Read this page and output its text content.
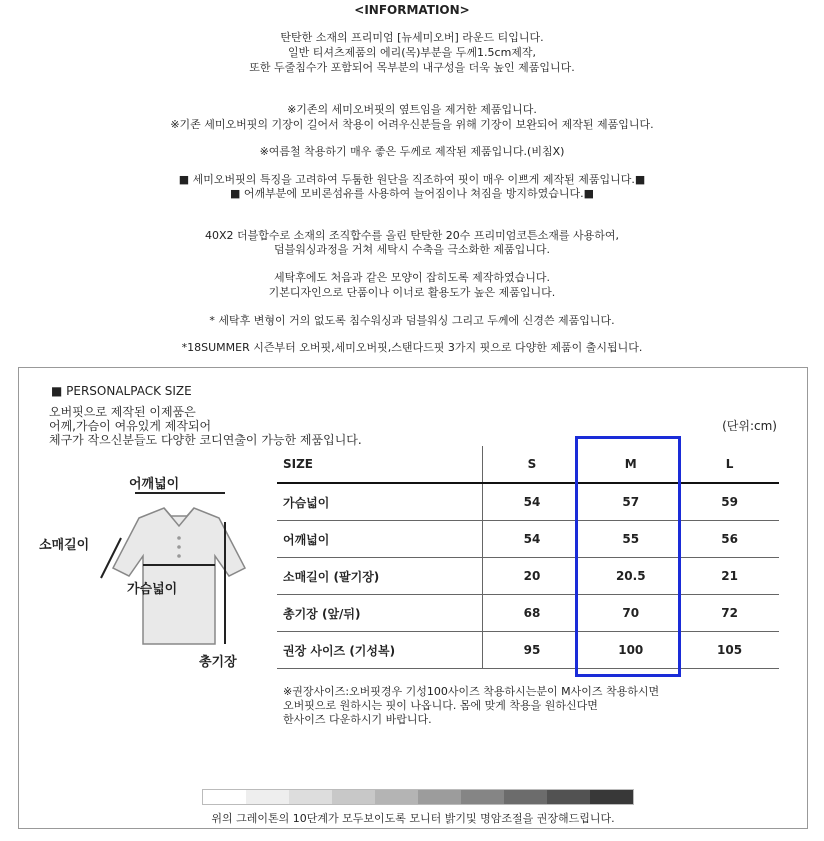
<INFORMATION>
탄탄한 소재의 프리미엄 [뉴세미오버] 라운드 티입니다.
일반 티셔츠제품의 에리(목)부분을 두께1.5cm제작,
또한 두줄침수가 포함되어 목부분의 내구성을 더욱 높인 제품입니다.
※기존의 세미오버핏의 옆트임을 제거한 제품입니다.
※기존 세미오버핏의 기장이 길어서 착용이 어려우신분들을 위해 기장이 보완되어 제작된 제품입니다.
※여름철 착용하기 매우 좋은 두께로 제작된 제품입니다.(비침X)
■ 세미오버핏의 특징을 고려하여 두툼한 원단을 직조하여 핏이 매우 이쁘게 제작된 제품입니다.■
■ 어깨부분에 모비론섬유를 사용하여 늘어짐이나 쳐짐을 방지하였습니다.■
40X2 더블합수로 소재의 조직합수를 올린 탄탄한 20수 프리미엄코튼소재를 사용하여,
덤블워싱과정을 거쳐 세탁시 수축을 극소화한 제품입니다.
세탁후에도 처음과 같은 모양이 잡히도록 제작하였습니다.
기본디자인으로 단품이나 이너로 활용도가 높은 제품입니다.
* 세탁후 변형이 거의 없도록 침수워싱과 덤블워싱 그리고 두께에 신경쓴 제품입니다.
*18SUMMER 시즌부터 오버핏,세미오버핏,스탠다드핏 3가지 핏으로 다양한 제품이 출시됩니다.
■ PERSONALPACK SIZE
오버핏으로 제작된 이제품은
어께,가슴이 여유있게 제작되어
체구가 작으신분들도 다양한 코디연출이 가능한 제품입니다.
(단위:cm)
어깨넓이
소매길이
가슴넓이
총기장
SIZE	S	M	L
가슴넓이	54	57	59
어깨넓이	54	55	56
소매길이 (팔기장)	20	20.5	21
총기장 (앞/뒤)	68	70	72
권장 사이즈 (기성복)	95	100	105
※권장사이즈:오버핏경우 기성100사이즈 착용하시는분이 M사이즈 착용하시면
오버핏으로 원하시는 핏이 나옵니다. 몸에 맞게 착용을 원하신다면
한사이즈 다운하시기 바랍니다.
위의 그레이톤의 10단계가 모두보이도록 모니터 밝기및 명암조절을 권장해드립니다.
